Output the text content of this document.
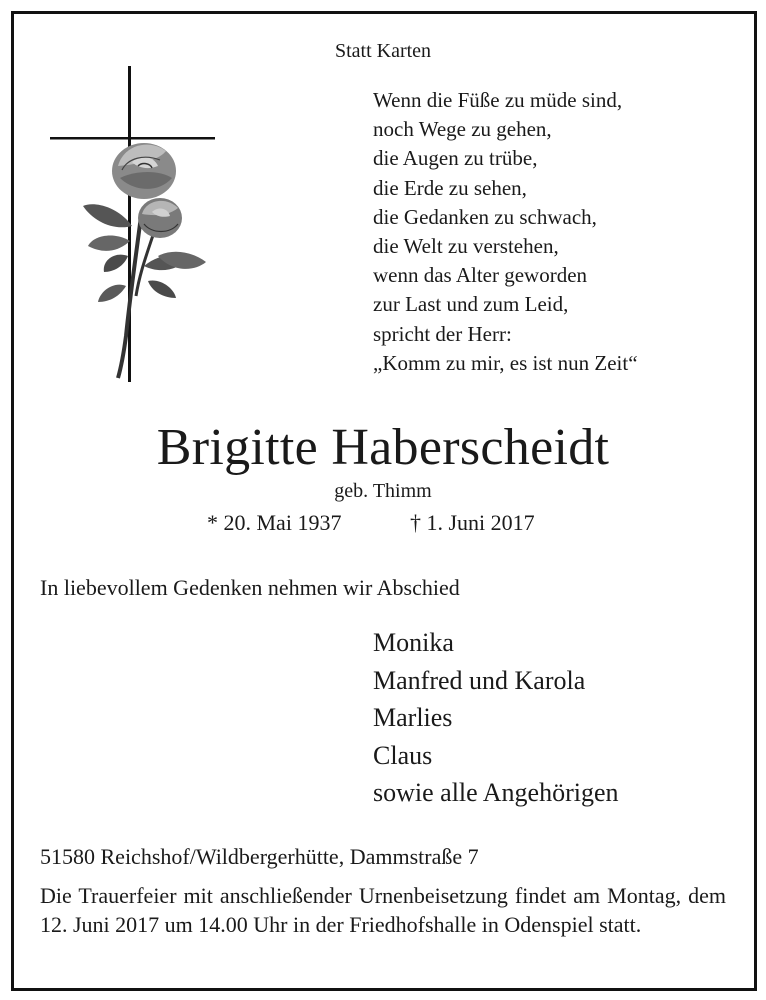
Statt Karten
Wenn die Füße zu müde sind,
noch Wege zu gehen,
die Augen zu trübe,
die Erde zu sehen,
die Gedanken zu schwach,
die Welt zu verstehen,
wenn das Alter geworden
zur Last und zum Leid,
spricht der Herr:
„Komm zu mir, es ist nun Zeit“
Brigitte Haberscheidt
geb. Thimm
* 20. Mai 1937	† 1. Juni 2017
In liebevollem Gedenken nehmen wir Abschied
Monika
Manfred und Karola
Marlies
Claus
sowie alle Angehörigen
51580 Reichshof/Wildbergerhütte, Dammstraße 7
Die Trauerfeier mit anschließender Urnenbeisetzung findet am Montag, dem 12. Juni 2017 um 14.00 Uhr in der Friedhofshalle in Odenspiel statt.
